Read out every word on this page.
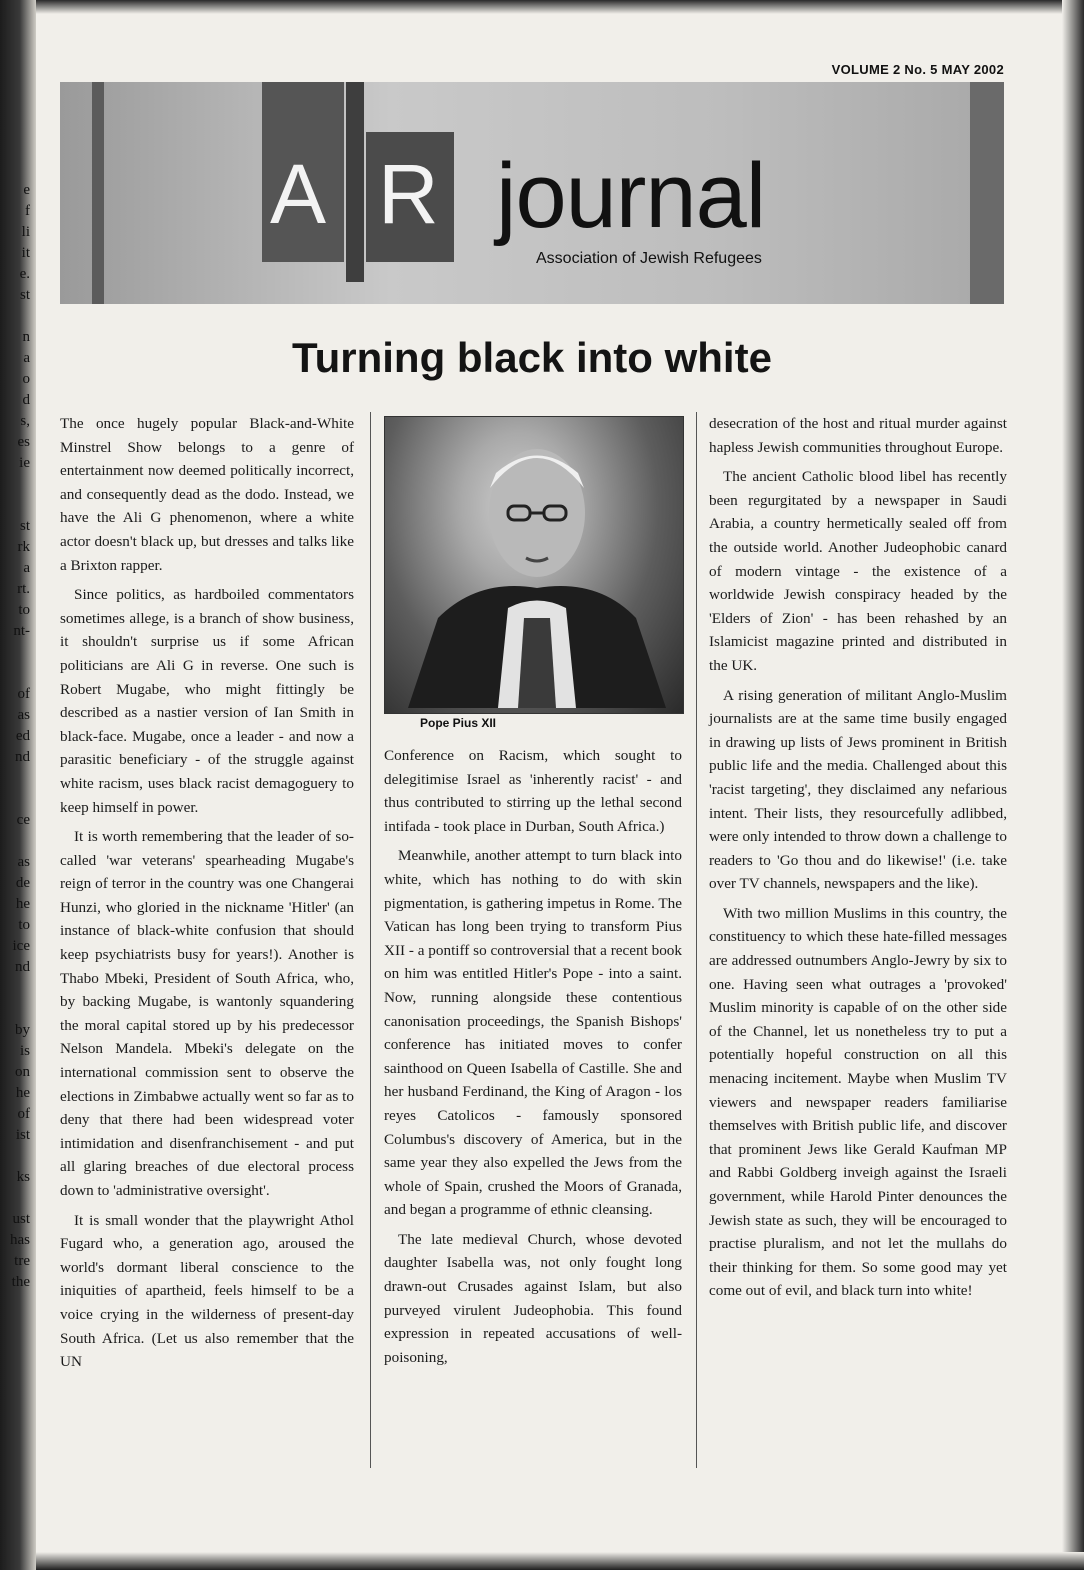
e
f
li
it
e.
st

n
a
o
d
s,
es
ie

st
rk
a
rt.
to
nt-

of
as
ed
nd

ce

as
de
he
to
ice
nd

by
is
on
he
of
ist

ks

ust
has
tre
the
VOLUME 2 No. 5 MAY 2002
A R journal
Association of Jewish Refugees
Turning black into white

The once hugely popular Black-and-White Minstrel Show belongs to a genre of entertainment now deemed politically incorrect, and consequently dead as the dodo. Instead, we have the Ali G phenomenon, where a white actor doesn't black up, but dresses and talks like a Brixton rapper.

Since politics, as hardboiled commentators sometimes allege, is a branch of show business, it shouldn't surprise us if some African politicians are Ali G in reverse. One such is Robert Mugabe, who might fittingly be described as a nastier version of Ian Smith in black-face. Mugabe, once a leader - and now a parasitic beneficiary - of the struggle against white racism, uses black racist demagoguery to keep himself in power.

It is worth remembering that the leader of so-called 'war veterans' spearheading Mugabe's reign of terror in the country was one Changerai Hunzi, who gloried in the nickname 'Hitler' (an instance of black-white confusion that should keep psychiatrists busy for years!). Another is Thabo Mbeki, President of South Africa, who, by backing Mugabe, is wantonly squandering the moral capital stored up by his predecessor Nelson Mandela. Mbeki's delegate on the international commission sent to observe the elections in Zimbabwe actually went so far as to deny that there had been widespread voter intimidation and disenfranchisement - and put all glaring breaches of due electoral process down to 'administrative oversight'.

It is small wonder that the playwright Athol Fugard who, a generation ago, aroused the world's dormant liberal conscience to the iniquities of apartheid, feels himself to be a voice crying in the wilderness of present-day South Africa. (Let us also remember that the UN

Pope Pius XII

Conference on Racism, which sought to delegitimise Israel as 'inherently racist' - and thus contributed to stirring up the lethal second intifada - took place in Durban, South Africa.)

Meanwhile, another attempt to turn black into white, which has nothing to do with skin pigmentation, is gathering impetus in Rome. The Vatican has long been trying to transform Pius XII - a pontiff so controversial that a recent book on him was entitled Hitler's Pope - into a saint. Now, running alongside these contentious canonisation proceedings, the Spanish Bishops' conference has initiated moves to confer sainthood on Queen Isabella of Castille. She and her husband Ferdinand, the King of Aragon - los reyes Catolicos - famously sponsored Columbus's discovery of America, but in the same year they also expelled the Jews from the whole of Spain, crushed the Moors of Granada, and began a programme of ethnic cleansing.

The late medieval Church, whose devoted daughter Isabella was, not only fought long drawn-out Crusades against Islam, but also purveyed virulent Judeophobia. This found expression in repeated accusations of well-poisoning,

desecration of the host and ritual murder against hapless Jewish communities throughout Europe.

The ancient Catholic blood libel has recently been regurgitated by a newspaper in Saudi Arabia, a country hermetically sealed off from the outside world. Another Judeophobic canard of modern vintage - the existence of a worldwide Jewish conspiracy headed by the 'Elders of Zion' - has been rehashed by an Islamicist magazine printed and distributed in the UK.

A rising generation of militant Anglo-Muslim journalists are at the same time busily engaged in drawing up lists of Jews prominent in British public life and the media. Challenged about this 'racist targeting', they disclaimed any nefarious intent. Their lists, they resourcefully adlibbed, were only intended to throw down a challenge to readers to 'Go thou and do likewise!' (i.e. take over TV channels, newspapers and the like).

With two million Muslims in this country, the constituency to which these hate-filled messages are addressed outnumbers Anglo-Jewry by six to one. Having seen what outrages a 'provoked' Muslim minority is capable of on the other side of the Channel, let us nonetheless try to put a potentially hopeful construction on all this menacing incitement. Maybe when Muslim TV viewers and newspaper readers familiarise themselves with British public life, and discover that prominent Jews like Gerald Kaufman MP and Rabbi Goldberg inveigh against the Israeli government, while Harold Pinter denounces the Jewish state as such, they will be encouraged to practise pluralism, and not let the mullahs do their thinking for them. So some good may yet come out of evil, and black turn into white!
